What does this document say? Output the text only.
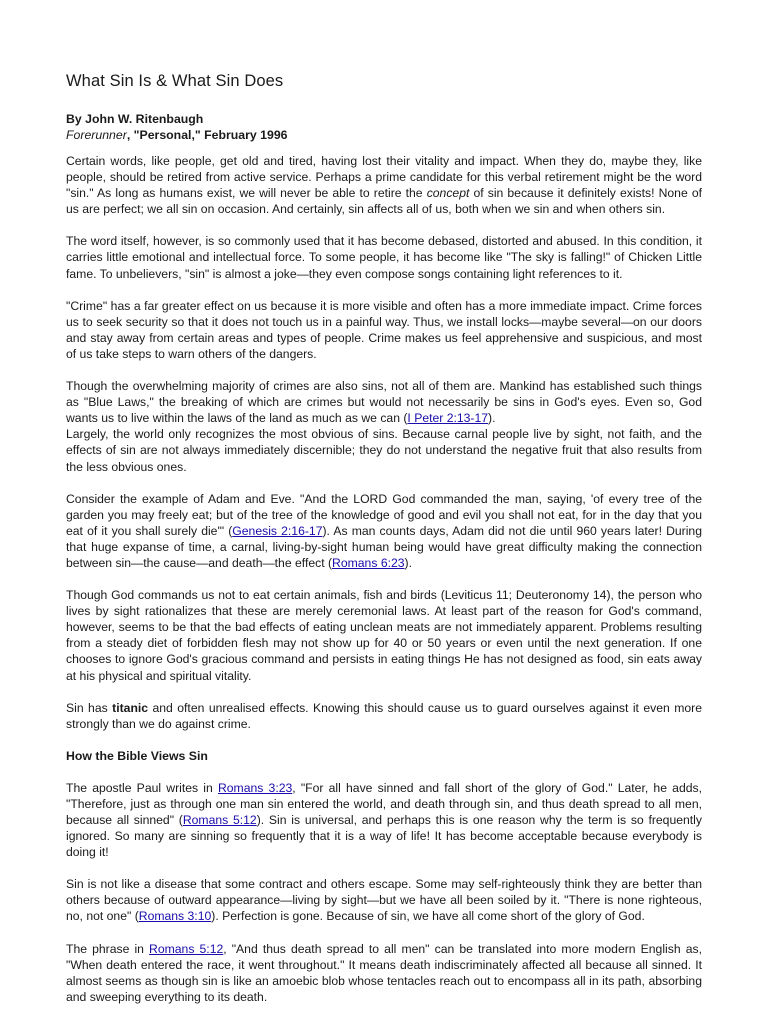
What Sin Is & What Sin Does
By John W. Ritenbaugh
Forerunner, "Personal," February 1996

Certain words, like people, get old and tired, having lost their vitality and impact. When they do, maybe they, like people, should be retired from active service. Perhaps a prime candidate for this verbal retirement might be the word "sin." As long as humans exist, we will never be able to retire the concept of sin because it definitely exists! None of us are perfect; we all sin on occasion. And certainly, sin affects all of us, both when we sin and when others sin.

The word itself, however, is so commonly used that it has become debased, distorted and abused. In this condition, it carries little emotional and intellectual force. To some people, it has become like "The sky is falling!" of Chicken Little fame. To unbelievers, "sin" is almost a joke—they even compose songs containing light references to it.

"Crime" has a far greater effect on us because it is more visible and often has a more immediate impact. Crime forces us to seek security so that it does not touch us in a painful way. Thus, we install locks—maybe several—on our doors and stay away from certain areas and types of people. Crime makes us feel apprehensive and suspicious, and most of us take steps to warn others of the dangers.

Though the overwhelming majority of crimes are also sins, not all of them are. Mankind has established such things as "Blue Laws," the breaking of which are crimes but would not necessarily be sins in God's eyes. Even so, God wants us to live within the laws of the land as much as we can (I Peter 2:13-17).

Largely, the world only recognizes the most obvious of sins. Because carnal people live by sight, not faith, and the effects of sin are not always immediately discernible; they do not understand the negative fruit that also results from the less obvious ones.

Consider the example of Adam and Eve. "And the LORD God commanded the man, saying, 'of every tree of the garden you may freely eat; but of the tree of the knowledge of good and evil you shall not eat, for in the day that you eat of it you shall surely die'" (Genesis 2:16-17). As man counts days, Adam did not die until 960 years later! During that huge expanse of time, a carnal, living-by-sight human being would have great difficulty making the connection between sin—the cause—and death—the effect (Romans 6:23).

Though God commands us not to eat certain animals, fish and birds (Leviticus 11; Deuteronomy 14), the person who lives by sight rationalizes that these are merely ceremonial laws. At least part of the reason for God's command, however, seems to be that the bad effects of eating unclean meats are not immediately apparent. Problems resulting from a steady diet of forbidden flesh may not show up for 40 or 50 years or even until the next generation. If one chooses to ignore God's gracious command and persists in eating things He has not designed as food, sin eats away at his physical and spiritual vitality.

Sin has titanic and often unrealised effects. Knowing this should cause us to guard ourselves against it even more strongly than we do against crime.

How the Bible Views Sin

The apostle Paul writes in Romans 3:23, "For all have sinned and fall short of the glory of God." Later, he adds, "Therefore, just as through one man sin entered the world, and death through sin, and thus death spread to all men, because all sinned" (Romans 5:12). Sin is universal, and perhaps this is one reason why the term is so frequently ignored. So many are sinning so frequently that it is a way of life! It has become acceptable because everybody is doing it!

Sin is not like a disease that some contract and others escape. Some may self-righteously think they are better than others because of outward appearance—living by sight—but we have all been soiled by it. "There is none righteous, no, not one" (Romans 3:10). Perfection is gone. Because of sin, we have all come short of the glory of God.

The phrase in Romans 5:12, "And thus death spread to all men" can be translated into more modern English as, "When death entered the race, it went throughout." It means death indiscriminately affected all because all sinned. It almost seems as though sin is like an amoebic blob whose tentacles reach out to encompass all in its path, absorbing and sweeping everything to its death.
